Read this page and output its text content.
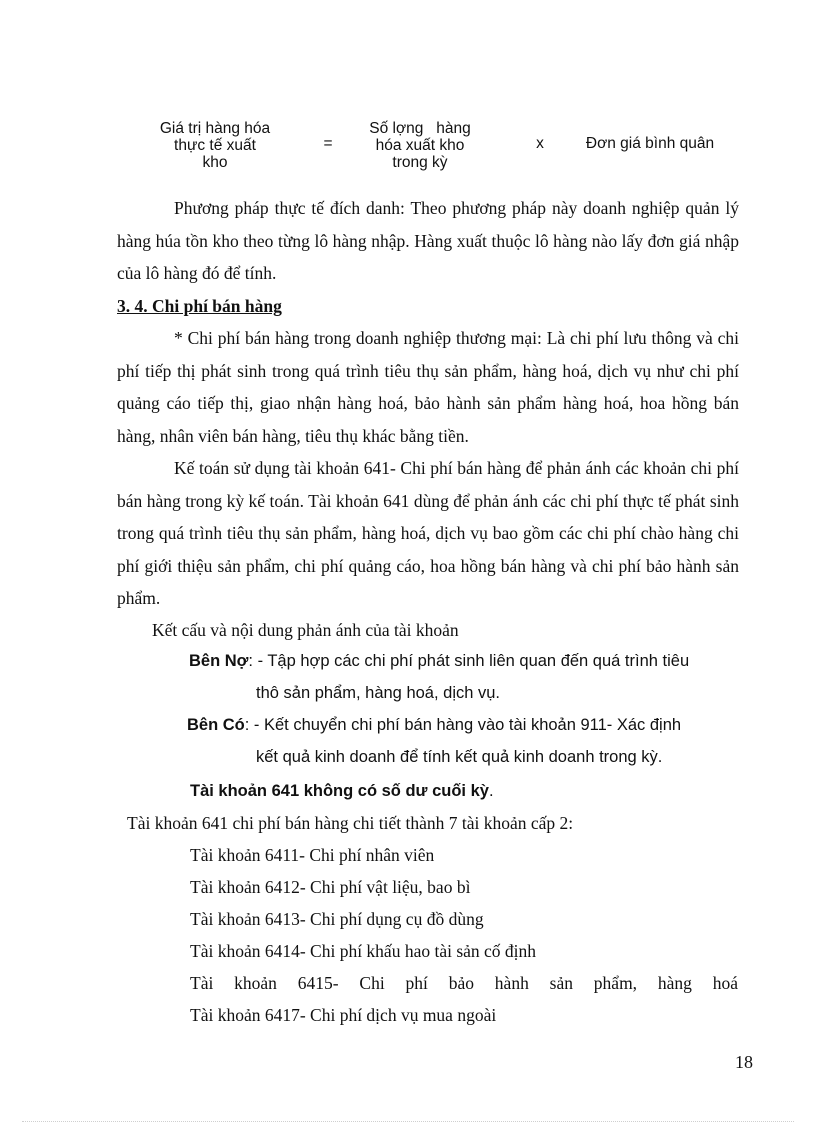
Giá trị hàng hóa
thực tế xuất
kho
=
Số lợng   hàng
hóa xuất kho
trong kỳ
x	Đơn giá bình quân
Phương pháp thực tế đích danh: Theo phương pháp này doanh nghiệp quản lý hàng húa tồn kho theo từng lô hàng nhập. Hàng xuất thuộc lô hàng nào lấy đơn giá nhập của lô hàng đó để tính.
3. 4. Chi phí bán hàng
* Chi phí bán hàng trong doanh nghiệp thương mại: Là chi phí lưu thông và chi phí tiếp thị phát sinh trong quá trình tiêu thụ sản phẩm, hàng hoá, dịch vụ như chi phí quảng cáo tiếp thị, giao nhận hàng hoá, bảo hành sản phẩm hàng hoá, hoa hồng bán hàng, nhân viên bán hàng, tiêu thụ khác bằng tiền.
Kế toán sử dụng tài khoản 641- Chi phí bán hàng để phản ánh các khoản chi phí bán hàng trong kỳ kế toán. Tài khoản 641 dùng để phản ánh các chi phí thực tế phát sinh trong quá trình tiêu thụ sản phẩm, hàng hoá, dịch vụ bao gồm các chi phí chào hàng chi phí giới thiệu sản phẩm, chi phí quảng cáo, hoa hồng bán hàng và chi phí bảo hành sản phẩm.
Kết cấu và nội dung phản ánh của tài khoản
Bên Nợ: - Tập hợp các chi phí phát sinh liên quan đến quá trình tiêu
thô sản phẩm, hàng hoá, dịch vụ.
Bên Có: - Kết chuyển chi phí bán hàng vào tài khoản 911- Xác định
kết quả kinh doanh để tính kết quả kinh doanh trong kỳ.
Tài khoản 641 không có số dư cuối kỳ.
Tài khoản 641 chi phí bán hàng chi tiết thành 7 tài khoản cấp 2:
Tài khoản 6411- Chi phí nhân viên
Tài khoản 6412- Chi phí vật liệu, bao bì
Tài khoản 6413- Chi phí dụng cụ đồ dùng
Tài khoản 6414- Chi phí khấu hao tài sản cố định
Tài khoản 6415- Chi phí bảo hành sản phẩm, hàng hoá
Tài khoản 6417- Chi phí dịch vụ mua ngoài
18
